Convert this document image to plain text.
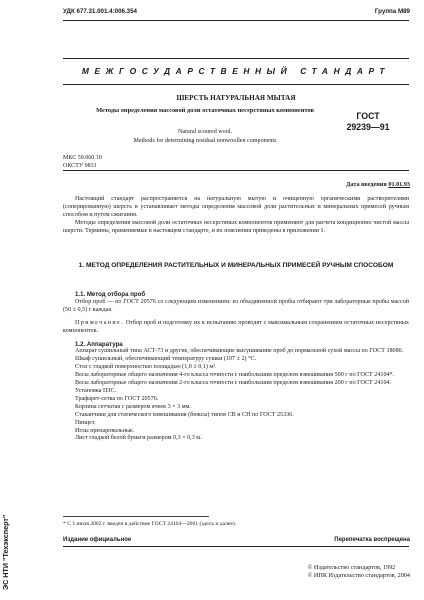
УДК 677.31.001.4:006.354	Группа М89
МЕЖГОСУДАРСТВЕННЫЙ СТАНДАРТ
ШЕРСТЬ НАТУРАЛЬНАЯ МЫТАЯ
Методы определения массовой доли остаточных несерстяных компонентов
Natural scoured wool.
Methods for determining residual nonwoollen components
ГОСТ
29239—91
МКС 59.060.10
ОКСТУ 9831
Дата введения 01.01.93

Настоящий стандарт распространяется на натуральную мытую и очищенную органическими растворителями (сонерированную) шерсть и устанавливает методы определения массовой доли растительных и минеральных примесей ручным способом и путем сжигания.

Методы определения массовой доли остаточных несерстяных компонентов применяют для расчета кондиционно чистой массы шерсти. Термины, применяемые в настоящем стандарте, и их пояснения приведены в приложении 1.

1. МЕТОД ОПРЕДЕЛЕНИЯ РАСТИТЕЛЬНЫХ И МИНЕРАЛЬНЫХ ПРИМЕСЕЙ РУЧНЫМ СПОСОБОМ

1.1. Метод отбора проб

Отбор проб — по ГОСТ 20576 со следующим изменением: из объединенной пробы отбирают три лабораторные пробы массой (50 ± 0,5) г каждая.

Примечание. Отбор проб и подготовку их к испытанию проводят с максимальным сохранением остаточных несерстяных компонентов.

1.2. Аппаратура

Аппарат сушильный типа АСТ-73 и другие, обеспечивающие высушивание проб до нормальной сухой массы по ГОСТ 18080.

Шкаф сушильный, обеспечивающий температуру сушки (107 ± 2) °С.

Стол с гладкой поверхностью площадью (1,0 ± 0,1) м².

Весы лабораторные общего назначения 4-го класса точности с наибольшим пределом взвешивания 500 г по ГОСТ 24104*.

Весы лабораторные общего назначения 2-го класса точности с наибольшим пределом взвешивания 200 г по ГОСТ 24104.

Установка ПЗС.

Трафарет-сетка по ГОСТ 20576.

Корзина сетчатая с размером ячеек 3 × 3 мм.

Стаканчики для статического взвешивания (бюксы) типов СВ и СН по ГОСТ 25336.

Пинцет.

Иглы препаровальные.

Лист гладкой белой бумаги размером 0,3 × 0,3 м.

* С 1 июля 2002 г. введен в действие ГОСТ 24104—2001 (здесь и далее).
Издание официальное	Перепечатка воспрещена
© Издательство стандартов, 1992
© ИПК Издательство стандартов, 2004
ЭС НТИ "Техэксперт"
